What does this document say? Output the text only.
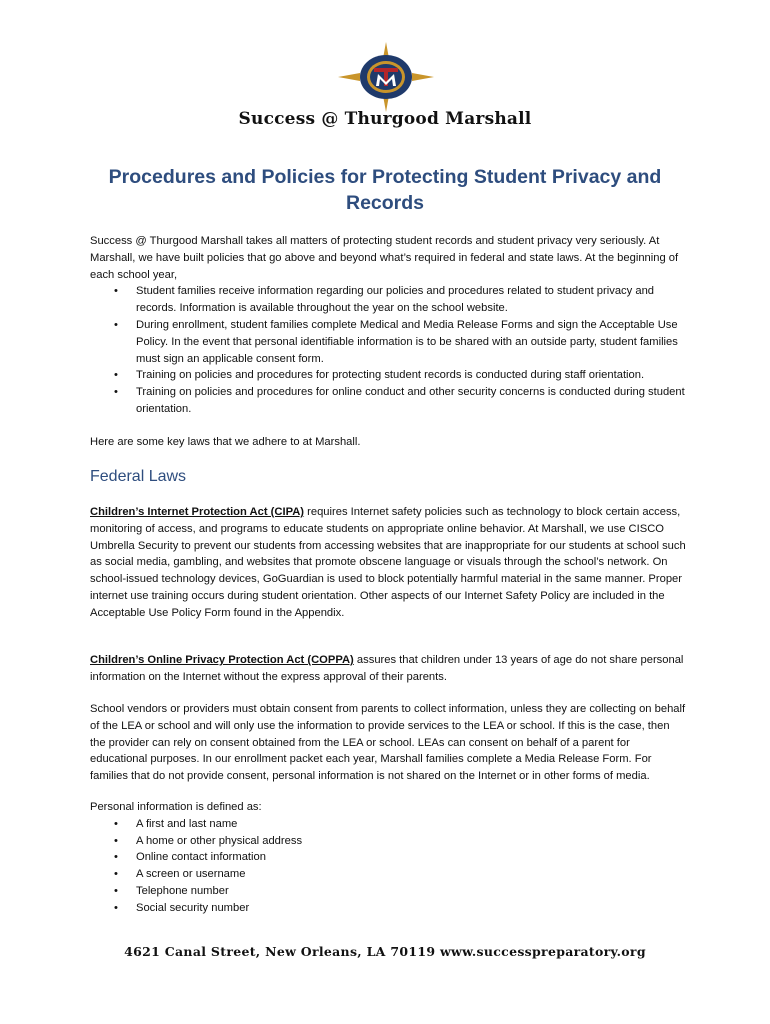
Success @ Thurgood Marshall
Procedures and Policies for Protecting Student Privacy and Records

Success @ Thurgood Marshall takes all matters of protecting student records and student privacy very seriously. At Marshall, we have built policies that go above and beyond what’s required in federal and state laws. At the beginning of each school year,

• Student families receive information regarding our policies and procedures related to student privacy and records. Information is available throughout the year on the school website.
• During enrollment, student families complete Medical and Media Release Forms and sign the Acceptable Use Policy. In the event that personal identifiable information is to be shared with an outside party, student families must sign an applicable consent form.
• Training on policies and procedures for protecting student records is conducted during staff orientation.
• Training on policies and procedures for online conduct and other security concerns is conducted during student orientation.

Here are some key laws that we adhere to at Marshall.

Federal Laws

Children’s Internet Protection Act (CIPA) requires Internet safety policies such as technology to block certain access, monitoring of access, and programs to educate students on appropriate online behavior. At Marshall, we use CISCO Umbrella Security to prevent our students from accessing websites that are inappropriate for our students at school such as social media, gambling, and websites that promote obscene language or visuals through the school’s network. On school-issued technology devices, GoGuardian is used to block potentially harmful material in the same manner. Proper internet use training occurs during student orientation. Other aspects of our Internet Safety Policy are included in the Acceptable Use Policy Form found in the Appendix.

Children’s Online Privacy Protection Act (COPPA) assures that children under 13 years of age do not share personal information on the Internet without the express approval of their parents.

School vendors or providers must obtain consent from parents to collect information, unless they are collecting on behalf of the LEA or school and will only use the information to provide services to the LEA or school. If this is the case, then the provider can rely on consent obtained from the LEA or school. LEAs can consent on behalf of a parent for educational purposes. In our enrollment packet each year, Marshall families complete a Media Release Form. For families that do not provide consent, personal information is not shared on the Internet or in other forms of media.

Personal information is defined as:

• A first and last name
• A home or other physical address
• Online contact information
• A screen or username
• Telephone number
• Social security number
4621 Canal Street, New Orleans, LA 70119 www.successpreparatory.org
